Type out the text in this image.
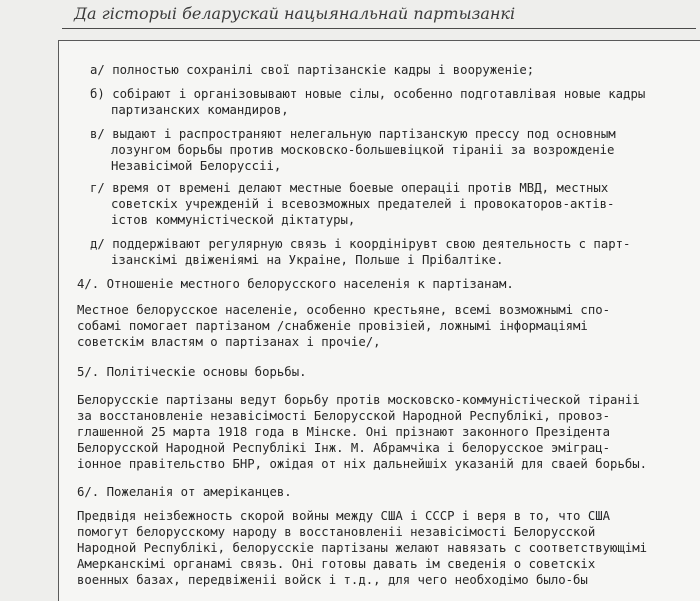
Да гісторыі беларускай нацыянальнай партызанкі
а/ полностью сохранілі свої партізанскіе кадры і вооруженіе;
б) собірают і організовывают новые сілы, особенно подготавлівая новые кадры
партизанских командиров,
в/ выдают і распространяют нелегальную партізанскую прессу под основным
лозунгом борьбы против московско-большевіцкой тіраніі за возрожденіе
Незавісімой Белоруссіі,
г/ время от времені делают местные боевые операціі протів МВД, местных
советскіх учрежденій і всевозможных предателей і провокаторов-актів-
істов коммуністіческой діктатуры,
д/ поддержівают регулярную связь і коордінірувт свою деятельность с парт-
ізанскімі двіженіямі на Украіне, Польше і Прібалтіке.
4/. Отношеніе местного белорусского населенія к партізанам.
Местное белорусское населеніе, особенно крестьяне, всемі возможнымі спо-
собамі помогает партізаном /снабженіе провізіей, ложнымі інформаціямі
советскім властям о партізанах і прочіе/,
5/. Політіческіе основы борьбы.
Белорусскіе партізаны ведут борьбу протів московско-коммуністіческой тіраніі
за восстановленіе незавісімості Белорусской Народной Республікі, провоз-
глашенной 25 марта 1918 года в Мінске. Оні прізнают законного Презідента
Белорусской Народной Республікі Інж. М. Абрамчіка і белорусское эміграц-
іонное правітельство БНР, ожідая от ніх дальнейшіх указаній для сваей борьбы.
6/. Пожеланія от амеріканцев.
Предвідя неізбежность скорой войны между США і СССР і веря в то, что США
помогут белорусскому народу в восстановленіі незавісімості Белорусской
Народной Республікі, белорусскіе партізаны желают навязать с соответствующімі
Амерканскімі органамі связь. Оні готовы давать ім сведенія о советскіх
военных базах, передвіженіі войск і т.д., для чего необходімо было-бы
